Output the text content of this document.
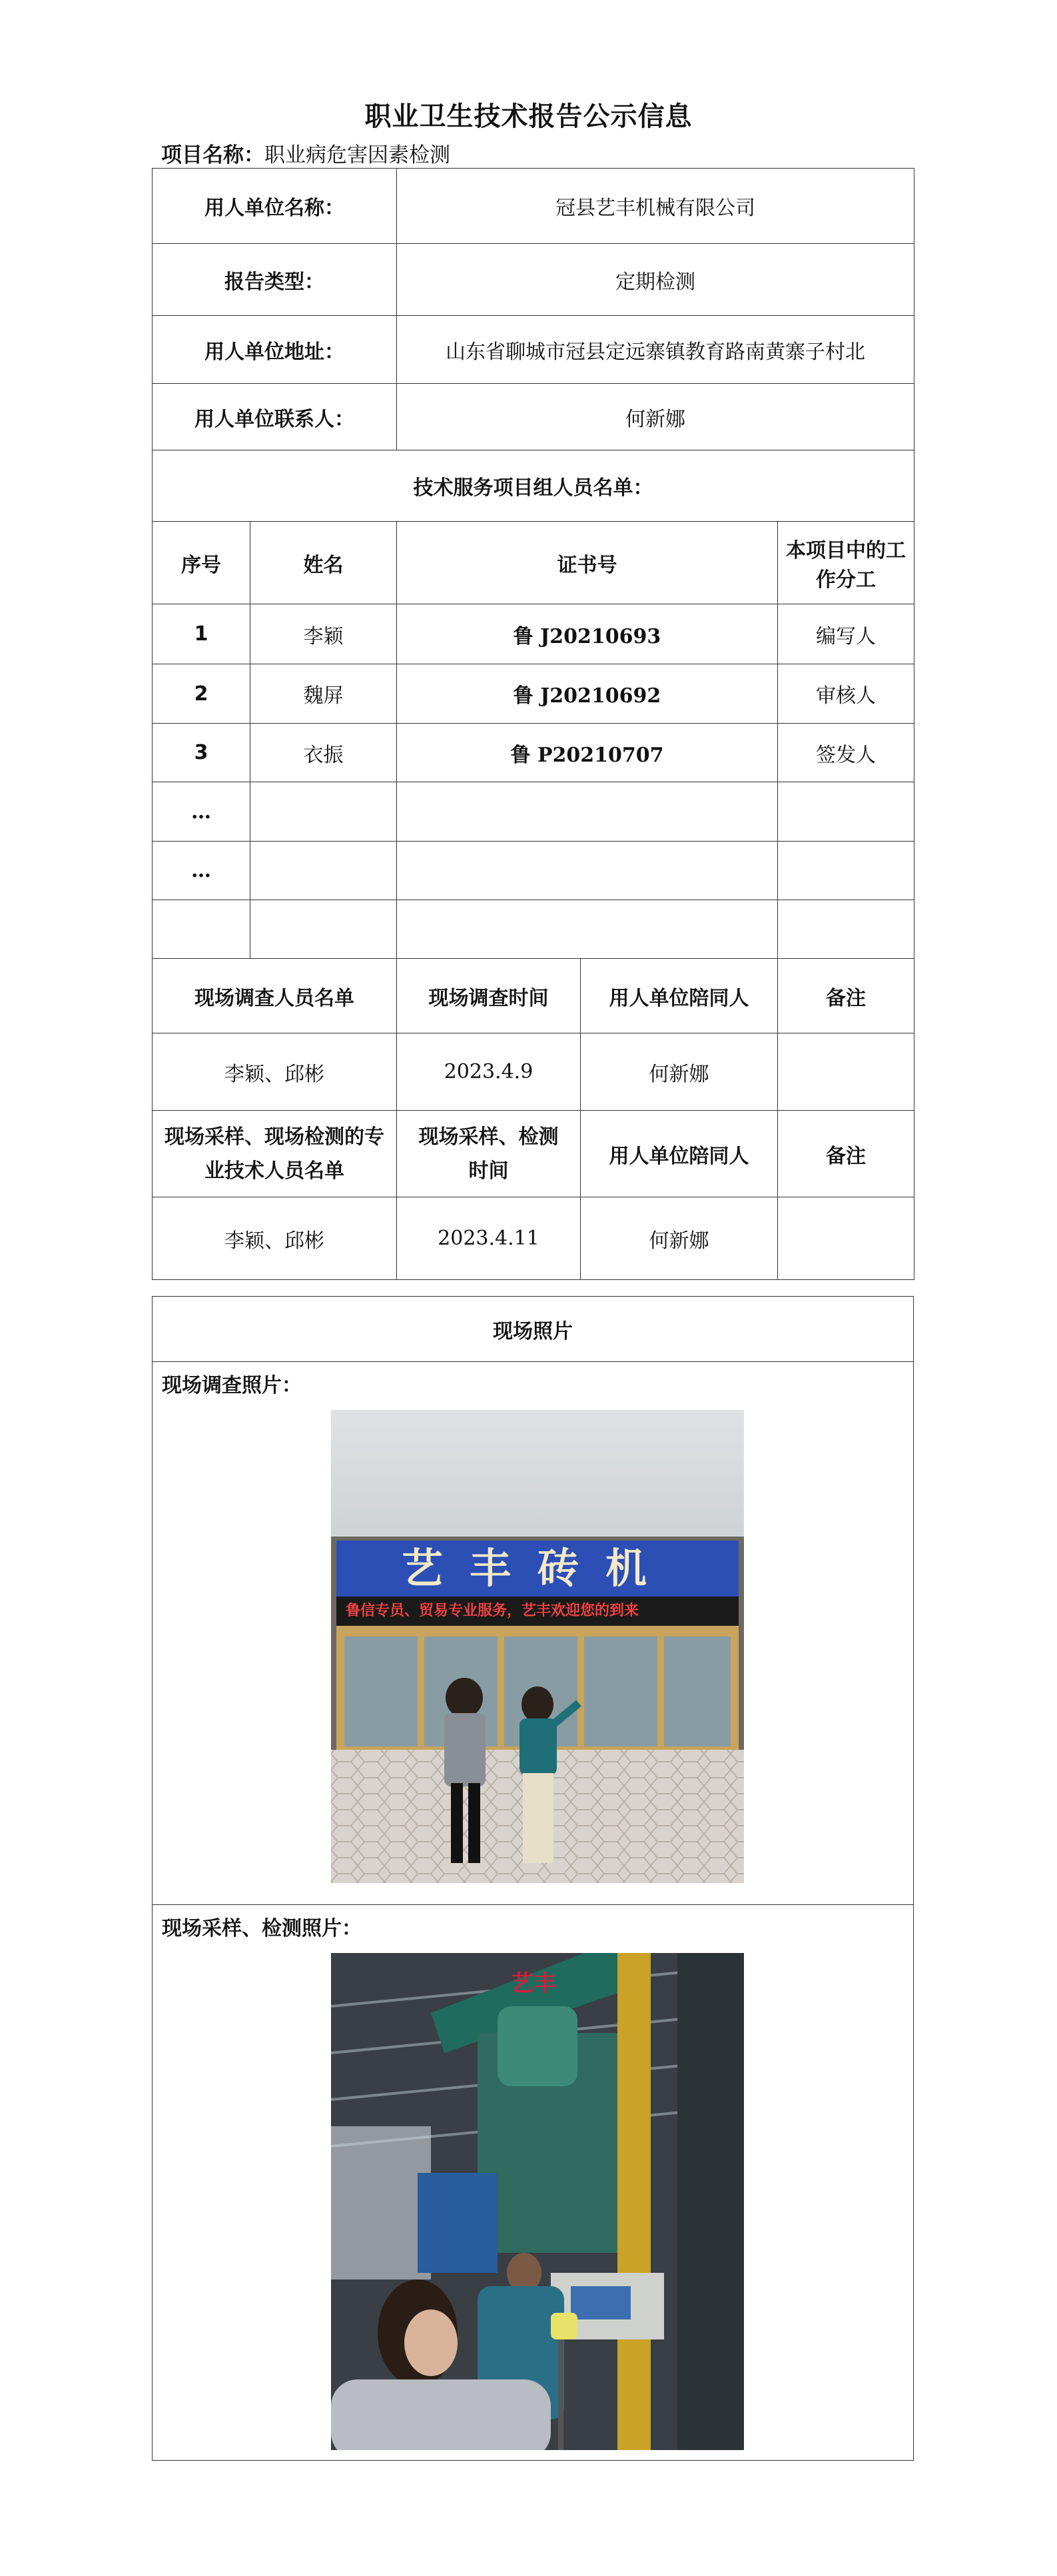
职业卫生技术报告公示信息
项目名称：职业病危害因素检测
用人单位名称：		冠县艺丰机械有限公司		
报告类型：		定期检测		
用人单位地址：		山东省聊城市冠县定远寨镇教育路南黄寨子村北		
用人单位联系人：		何新娜		
技术服务项目组人员名单：				
序号	姓名	证书号		本项目中的工作分工
1	李颖	鲁 J20210693		编写人
2	魏屏	鲁 J20210692		审核人
3	衣振	鲁 P20210707		签发人
…				
…				

现场调查人员名单		现场调查时间	用人单位陪同人	备注
李颖、邱彬		2023.4.9	何新娜	
现场采样、现场检测的专业技术人员名单		现场采样、检测时间	用人单位陪同人	备注
李颖、邱彬		2023.4.11	何新娜	
现场照片

现场调查照片：
艺丰砖机
鲁信专员、贸易专业服务，艺丰欢迎您的到来

现场采样、检测照片：
艺丰
